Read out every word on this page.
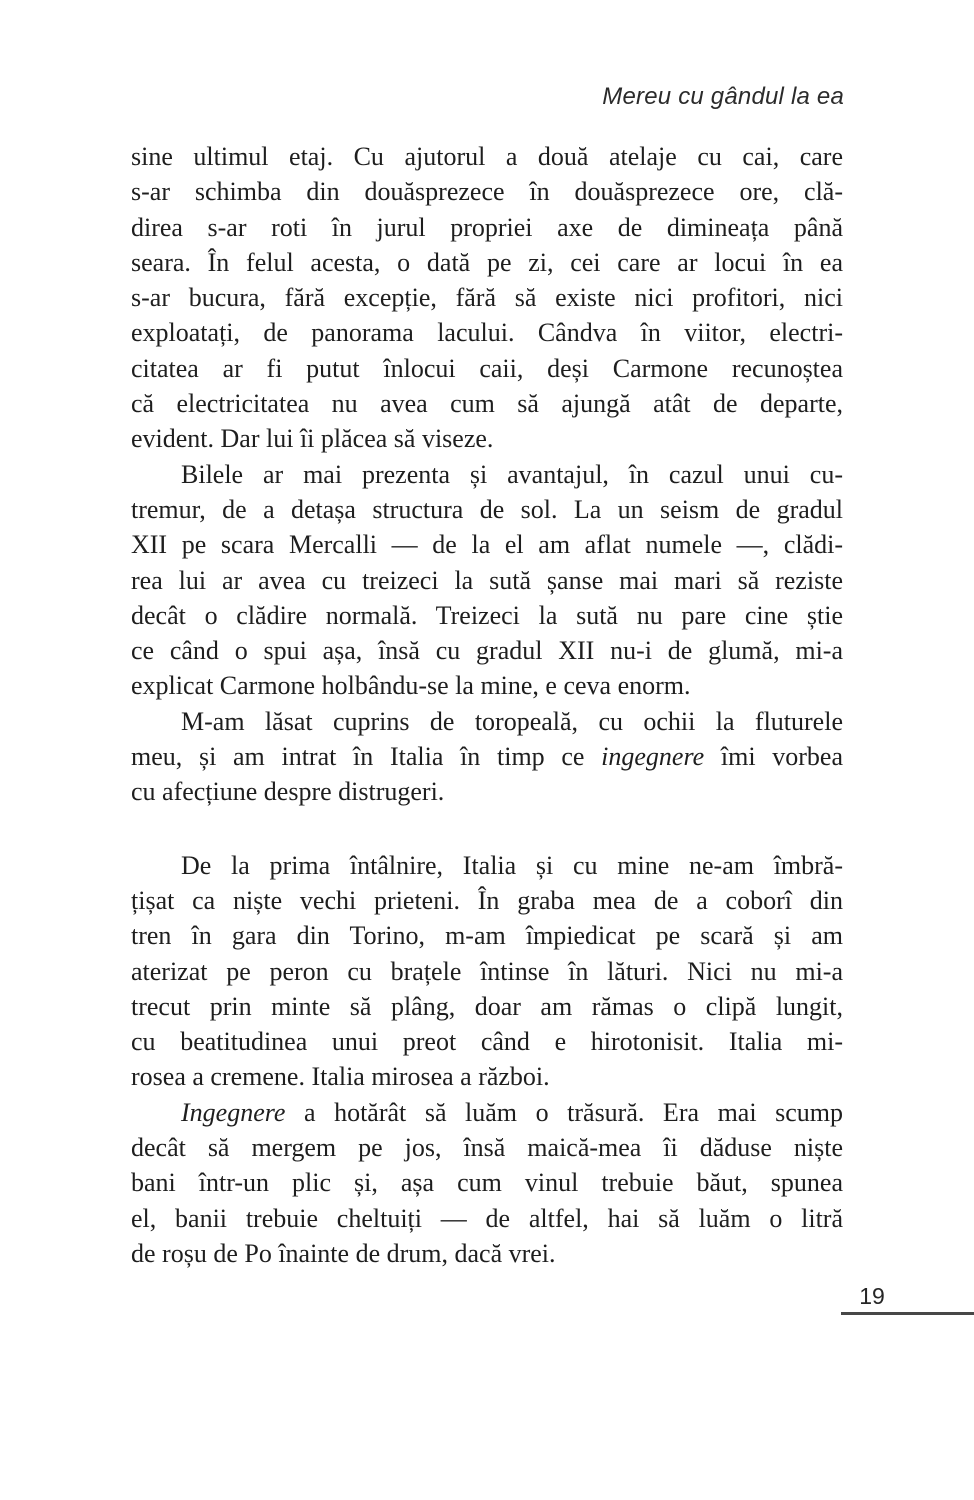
Mereu cu gândul la ea
sine ultimul etaj. Cu ajutorul a două atelaje cu cai, care
s-ar schimba din douăsprezece în douăsprezece ore, clă-
direa s-ar roti în jurul propriei axe de dimineața până
seara. În felul acesta, o dată pe zi, cei care ar locui în ea
s-ar bucura, fără excepție, fără să existe nici profitori, nici
exploatați, de panorama lacului. Cândva în viitor, electri-
citatea ar fi putut înlocui caii, deși Carmone recunoștea
că electricitatea nu avea cum să ajungă atât de departe,
evident. Dar lui îi plăcea să viseze.
Bilele ar mai prezenta și avantajul, în cazul unui cu-
tremur, de a detașa structura de sol. La un seism de gradul
XII pe scara Mercalli — de la el am aflat numele —, clădi-
rea lui ar avea cu treizeci la sută șanse mai mari să reziste
decât o clădire normală. Treizeci la sută nu pare cine știe
ce când o spui așa, însă cu gradul XII nu-i de glumă, mi-a
explicat Carmone holbându-se la mine, e ceva enorm.
M-am lăsat cuprins de toropeală, cu ochii la fluturele
meu, și am intrat în Italia în timp ce ingegnere îmi vorbea
cu afecțiune despre distrugeri.
De la prima întâlnire, Italia și cu mine ne-am îmbră-
țișat ca niște vechi prieteni. În graba mea de a coborî din
tren în gara din Torino, m-am împiedicat pe scară și am
aterizat pe peron cu brațele întinse în lături. Nici nu mi-a
trecut prin minte să plâng, doar am rămas o clipă lungit,
cu beatitudinea unui preot când e hirotonisit. Italia mi-
rosea a cremene. Italia mirosea a război.
Ingegnere a hotărât să luăm o trăsură. Era mai scump
decât să mergem pe jos, însă maică-mea îi dăduse niște
bani într-un plic și, așa cum vinul trebuie băut, spunea
el, banii trebuie cheltuiți — de altfel, hai să luăm o litră
de roșu de Po înainte de drum, dacă vrei.
19
